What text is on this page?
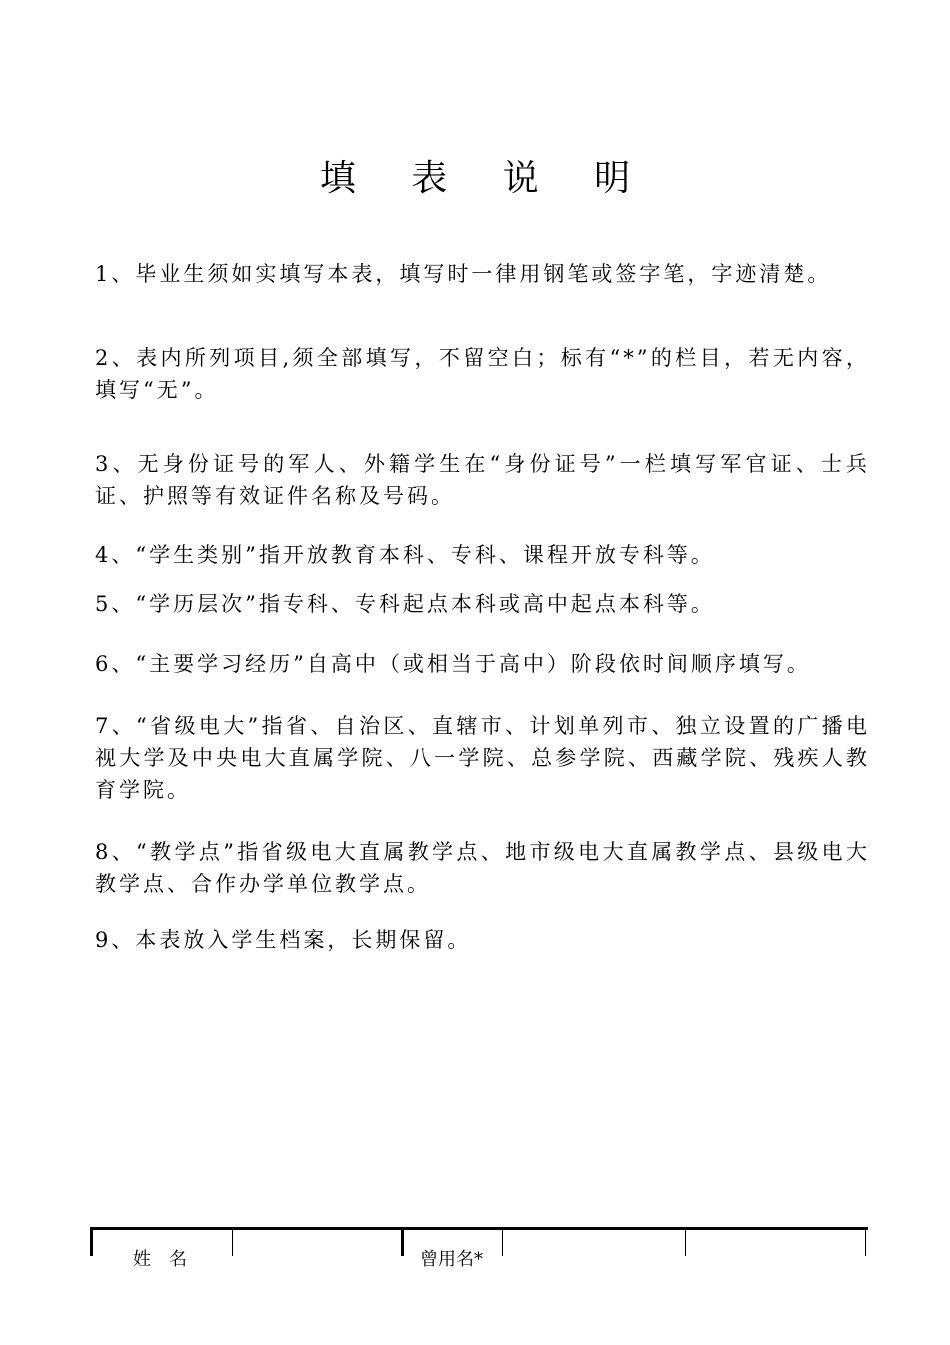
填 表 说 明
1、毕业生须如实填写本表，填写时一律用钢笔或签字笔，字迹清楚。
2、表内所列项目,须全部填写，不留空白；标有“*”的栏目，若无内容，填写“无”。
3、无身份证号的军人、外籍学生在“身份证号”一栏填写军官证、士兵证、护照等有效证件名称及号码。
4、“学生类别”指开放教育本科、专科、课程开放专科等。
5、“学历层次”指专科、专科起点本科或高中起点本科等。
6、“主要学习经历”自高中（或相当于高中）阶段依时间顺序填写。
7、“省级电大”指省、自治区、直辖市、计划单列市、独立设置的广播电视大学及中央电大直属学院、八一学院、总参学院、西藏学院、残疾人教育学院。
8、“教学点”指省级电大直属教学点、地市级电大直属教学点、县级电大教学点、合作办学单位教学点。
9、本表放入学生档案，长期保留。
姓　名	曾用名*
